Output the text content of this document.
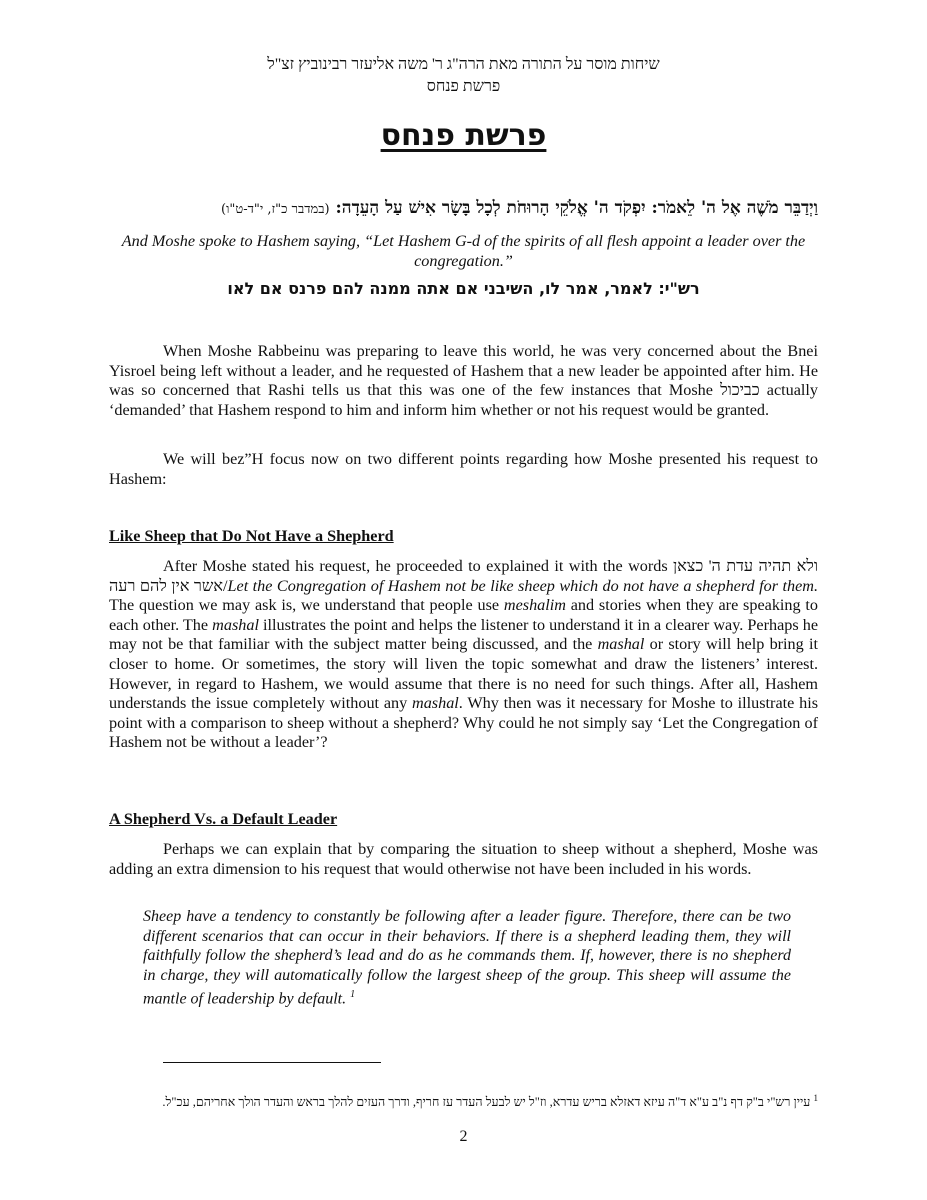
שיחות מוסר על התורה מאת הרה"ג ר' משה אליעזר רבינוביץ זצ"ל
פרשת פנחס
פרשת פנחס
וַיְדַבֵּר מֹשֶׁה אֶל ה' לֵאמֹר: יִפְקֹד ה' אֱלֹקֵי הָרוּחֹת לְכָל בָּשָׂר אִישׁ עַל הָעֵדָה: (במדבר כ"ז, י"ד-ט"ו)
And Moshe spoke to Hashem saying, “Let Hashem G-d of the spirits of all flesh appoint a leader over the congregation.”
רש"י: לאמר, אמר לו, השיבני אם אתה ממנה להם פרנס אם לאו

When Moshe Rabbeinu was preparing to leave this world, he was very concerned about the Bnei Yisroel being left without a leader, and he requested of Hashem that a new leader be appointed after him. He was so concerned that Rashi tells us that this was one of the few instances that Moshe כביכול actually ‘demanded’ that Hashem respond to him and inform him whether or not his request would be granted.

We will bez”H focus now on two different points regarding how Moshe presented his request to Hashem:

Like Sheep that Do Not Have a Shepherd

After Moshe stated his request, he proceeded to explained it with the words ולא תהיה עדת ה' כצאן אשר אין להם רעה/Let the Congregation of Hashem not be like sheep which do not have a shepherd for them. The question we may ask is, we understand that people use meshalim and stories when they are speaking to each other. The mashal illustrates the point and helps the listener to understand it in a clearer way. Perhaps he may not be that familiar with the subject matter being discussed, and the mashal or story will help bring it closer to home. Or sometimes, the story will liven the topic somewhat and draw the listeners’ interest. However, in regard to Hashem, we would assume that there is no need for such things. After all, Hashem understands the issue completely without any mashal. Why then was it necessary for Moshe to illustrate his point with a comparison to sheep without a shepherd? Why could he not simply say ‘Let the Congregation of Hashem not be without a leader’?

A Shepherd Vs. a Default Leader

Perhaps we can explain that by comparing the situation to sheep without a shepherd, Moshe was adding an extra dimension to his request that would otherwise not have been included in his words.

Sheep have a tendency to constantly be following after a leader figure. Therefore, there can be two different scenarios that can occur in their behaviors. If there is a shepherd leading them, they will faithfully follow the shepherd’s lead and do as he commands them. If, however, there is no shepherd in charge, they will automatically follow the largest sheep of the group. This sheep will assume the mantle of leadership by default. $^1$

$^1$ עיין רש"י ב"ק דף נ"ב ע"א ד"ה עיזא דאזלא בריש עדרא, וז"ל יש לבעל העדר עז חריף, ודרך העזים להלך בראש והעדר הולך אחריהם, עכ"ל.
2
